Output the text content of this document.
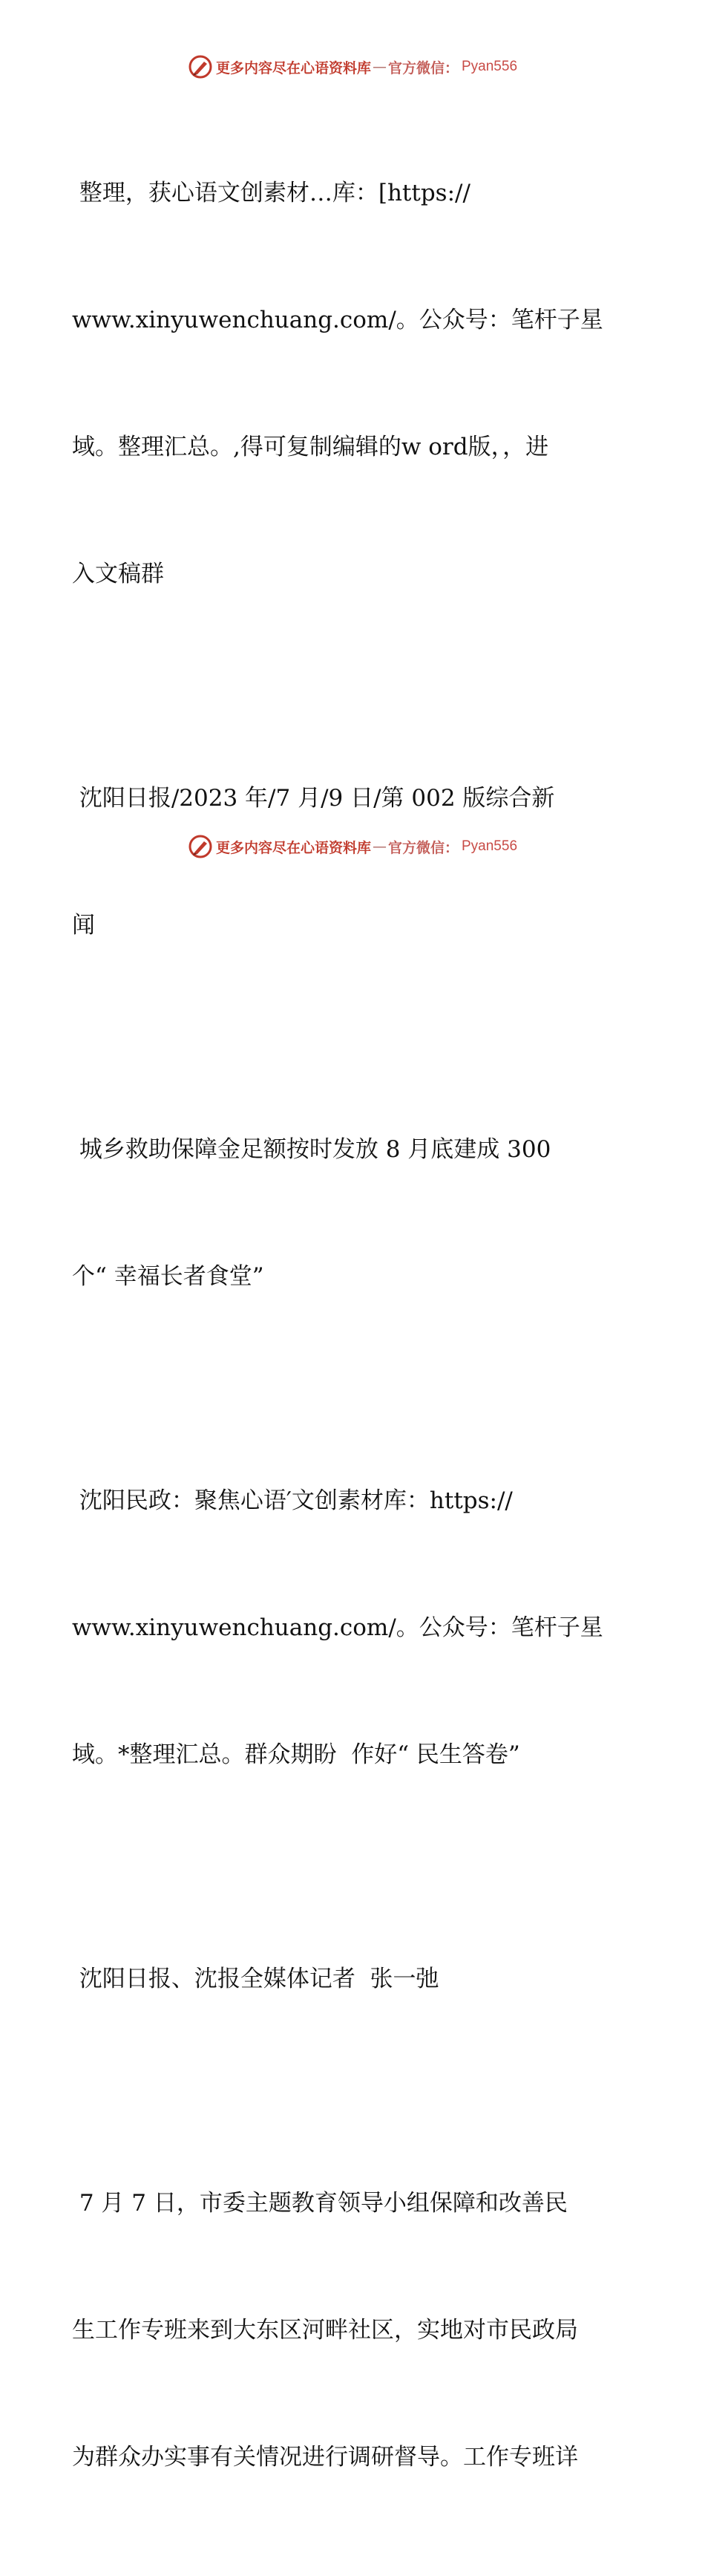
更多内容尽在心语资料库 — 官方微信： Pyan556

整理，获心语文创素材…库：[https://

www.xinyuwenchuang.com/。公众号：笔杆子星

域。整理汇总。,得可复制编辑的w ord版，，进

入文稿群

沈阳日报/2023 年/7 月/9 日/第 002 版综合新

闻

城乡救助保障金足额按时发放 8 月底建成 300

个“ 幸福长者食堂”

沈阳民政：聚焦心语′文创素材库：https://

www.xinyuwenchuang.com/。公众号：笔杆子星

域。*整理汇总。群众期盼  作好“ 民生答卷”

沈阳日报、沈报全媒体记者  张一弛

7 月 7 日，市委主题教育领导小组保障和改善民

生工作专班来到大东区河畔社区，实地对市民政局

为群众办实事有关情况进行调研督导。工作专班详

更多内容尽在心语资料库 — 官方微信： Pyan556
